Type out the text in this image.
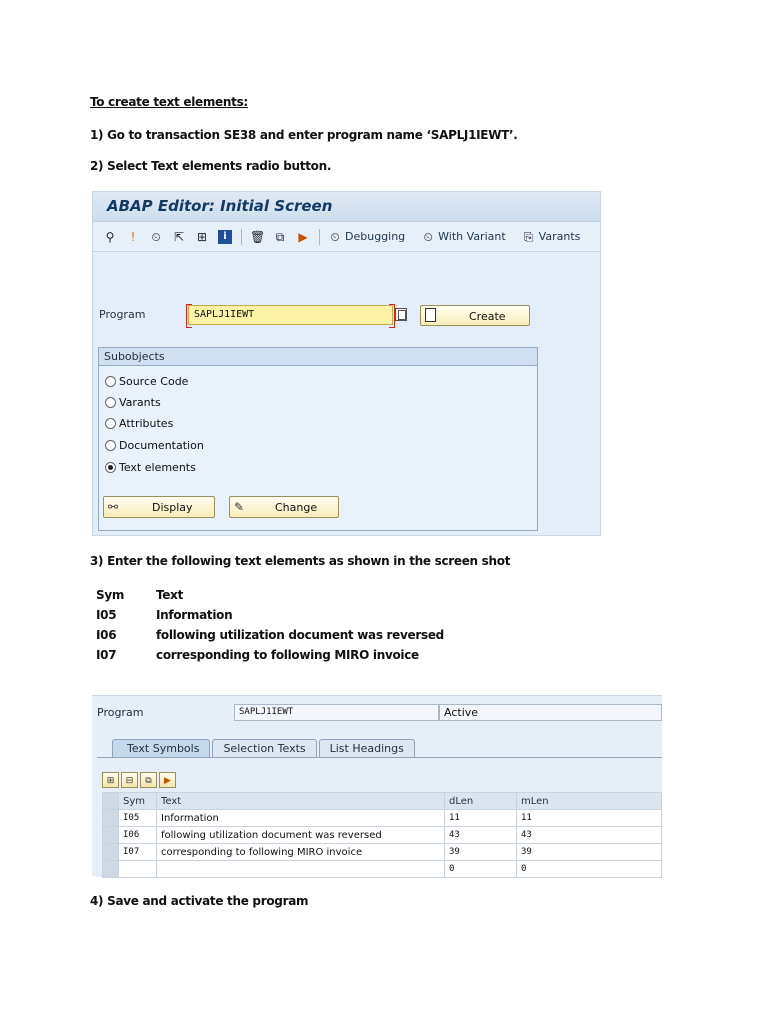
To create text elements:
1) Go to transaction SE38 and enter program name ‘SAPLJ1IEWT’.
2) Select Text elements radio button.
ABAP Editor: Initial Screen
⚲	ǃ	⏲ ⇱ ⊞	i	🗑 ⧉ ▶ ⏲ Debugging ⏲ With Variant ⎘ Varants
Program	SAPLJ1IEWT	Create
Subobjects
Source Code
Varants
Attributes
Documentation
Text elements
⚯	Display	✎	Change
3) Enter the following text elements as shown in the screen shot
Sym	Text
I05	Information
I06	following utilization document was reversed
I07	corresponding to following MIRO invoice
Program	SAPLJ1IEWT	Active
Text Symbols	Selection Texts	List Headings
⊞	⊟	⧉	▶
	Sym	Text	dLen	mLen
	I05	Information	11	11
	I06	following utilization document was reversed	43	43
	I07	corresponding to following MIRO invoice	39	39
			0	0
4) Save and activate the program
